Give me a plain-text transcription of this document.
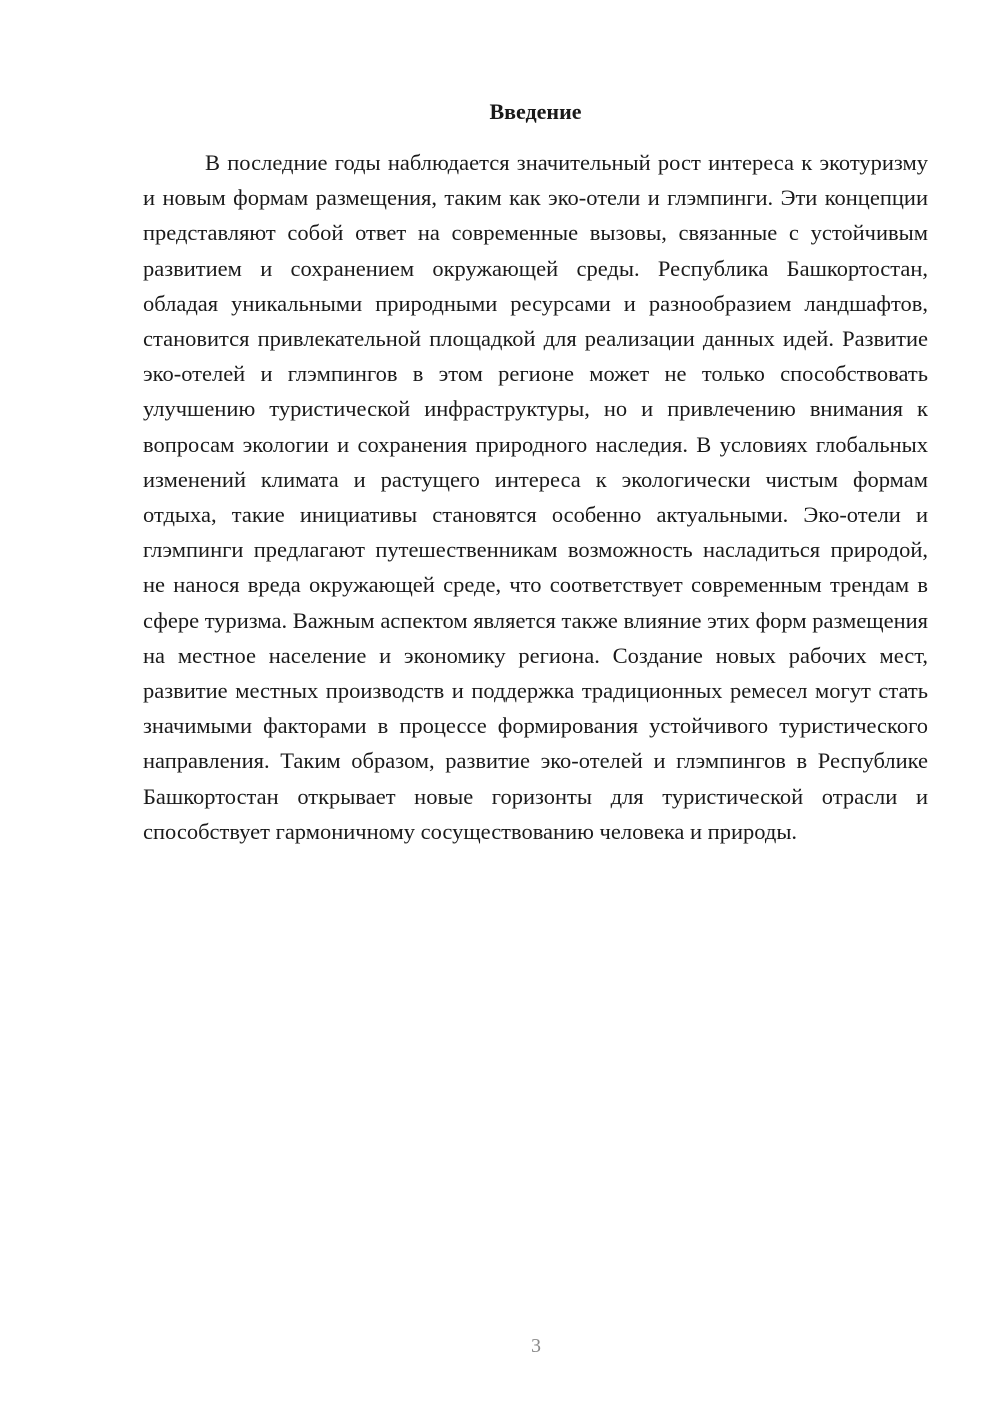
Введение

В последние годы наблюдается значительный рост интереса к экотуризму и новым формам размещения, таким как эко-отели и глэмпинги. Эти концепции представляют собой ответ на современные вызовы, связанные с устойчивым развитием и сохранением окружающей среды. Республика Башкортостан, обладая уникальными природными ресурсами и разнообразием ландшафтов, становится привлекательной площадкой для реализации данных идей. Развитие эко-отелей и глэмпингов в этом регионе может не только способствовать улучшению туристической инфраструктуры, но и привлечению внимания к вопросам экологии и сохранения природного наследия. В условиях глобальных изменений климата и растущего интереса к экологически чистым формам отдыха, такие инициативы становятся особенно актуальными. Эко-отели и глэмпинги предлагают путешественникам возможность насладиться природой, не нанося вреда окружающей среде, что соответствует современным трендам в сфере туризма. Важным аспектом является также влияние этих форм размещения на местное население и экономику региона. Создание новых рабочих мест, развитие местных производств и поддержка традиционных ремесел могут стать значимыми факторами в процессе формирования устойчивого туристического направления. Таким образом, развитие эко-отелей и глэмпингов в Республике Башкортостан открывает новые горизонты для туристической отрасли и способствует гармоничному сосуществованию человека и природы.

3
